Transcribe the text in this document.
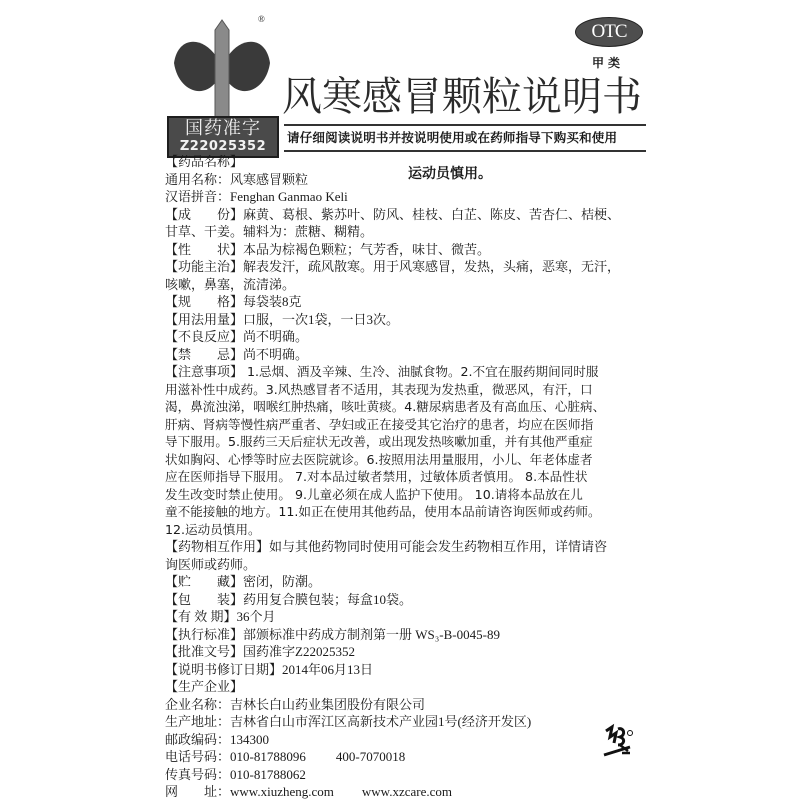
®
国药准字
Z22025352
OTC
甲类
风寒感冒颗粒说明书
请仔细阅读说明书并按说明使用或在药师指导下购买和使用
运动员慎用。
【药品名称】
通用名称：风寒感冒颗粒
汉语拼音：Fenghan Ganmao Keli
【成　　份】麻黄、葛根、紫苏叶、防风、桂枝、白芷、陈皮、苦杏仁、桔梗、
甘草、干姜。辅料为：蔗糖、糊精。
【性　　状】本品为棕褐色颗粒；气芳香，味甘、微苦。
【功能主治】解表发汗，疏风散寒。用于风寒感冒，发热，头痛，恶寒，无汗，
咳嗽，鼻塞，流清涕。
【规　　格】每袋装8克
【用法用量】口服，一次1袋，一日3次。
【不良反应】尚不明确。
【禁　　忌】尚不明确。
【注意事项】 1.忌烟、酒及辛辣、生冷、油腻食物。2.不宜在服药期间同时服
用滋补性中成药。3.风热感冒者不适用，其表现为发热重，微恶风，有汗，口
渴，鼻流浊涕，咽喉红肿热痛，咳吐黄痰。4.糖尿病患者及有高血压、心脏病、
肝病、肾病等慢性病严重者、孕妇或正在接受其它治疗的患者，均应在医师指
导下服用。5.服药三天后症状无改善，或出现发热咳嗽加重，并有其他严重症
状如胸闷、心悸等时应去医院就诊。6.按照用法用量服用，小儿、年老体虚者
应在医师指导下服用。 7.对本品过敏者禁用，过敏体质者慎用。 8.本品性状
发生改变时禁止使用。 9.儿童必须在成人监护下使用。 10.请将本品放在儿
童不能接触的地方。11.如正在使用其他药品，使用本品前请咨询医师或药师。
12.运动员慎用。
【药物相互作用】如与其他药物同时使用可能会发生药物相互作用，详情请咨
询医师或药师。
【贮　　藏】密闭，防潮。
【包　　装】药用复合膜包装；每盒10袋。
【有 效 期】36个月
【执行标准】部颁标准中药成方制剂第一册 WS₃-B-0045-89
【批准文号】国药准字Z22025352
【说明书修订日期】2014年06月13日
【生产企业】
企业名称：吉林长白山药业集团股份有限公司
生产地址：吉林省白山市浑江区高新技术产业园1号(经济开发区)
邮政编码：134300
电话号码：010-81788096 400-7070018
传真号码：010-81788062
网　　址：www.xiuzheng.com www.xzcare.com
